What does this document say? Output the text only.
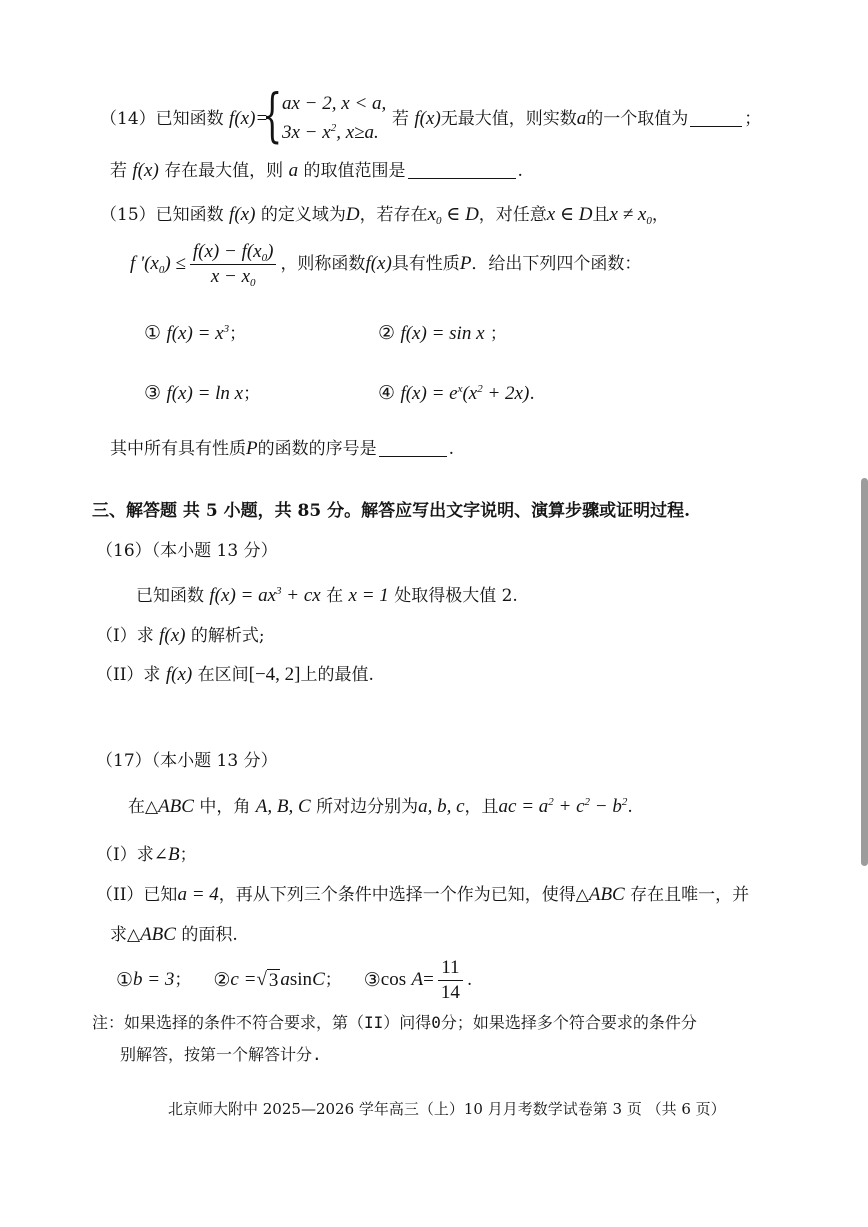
（14）已知函数 f(x)=
{ ax − 2, x < a,
$3x - x^2$, x≥a.
若 f(x)无最大值，则实数a的一个取值为	；
若 f(x) 存在最大值，则 a 的取值范围是	.
（15）已知函数 f(x) 的定义域为D，若存在$x_0$ ∈ D，对任意x ∈ D且$x \ne x_0$，
f '$(x_0) \le \frac{f(x) - f(x_0)}{x - x_0}$ ，则称函数 f(x) 具有性质 P ．给出下列四个函数：
① $f(x) = x^3$；	② f(x) = sin x ；
③ f(x) = ln x；	④ $f(x) = e^x(x^2 + 2x)$.
其中所有具有性质P的函数的序号是	.
三、解答题 共 5 小题，共 85 分。解答应写出文字说明、演算步骤或证明过程.
（16）（本小题 13 分）
已知函数 $f(x) = ax^3$ + cx 在 x = 1 处取得极大值 2.
（I）求 f(x) 的解析式;
（II）求 f(x) 在区间[−4, 2]上的最值.
（17）（本小题 13 分）
在△ABC 中，角 A, B, C 所对边分别为a, b, c，且ac = $a^2 + c^2 - b^2$.
（I）求∠B；
（II）已知a = 4，再从下列三个条件中选择一个作为已知，使得△ABC 存在且唯一，并
求△ABC 的面积.
① b = 3 ； ② c = √ 3 a sin C ； ③ cos
$A = \frac{11}{14}$ .
注：如果选择的条件不符合要求，第（II）问得0分；如果选择多个符合要求的条件分
别解答，按第一个解答计分.
北京师大附中 2025—2026 学年高三（上）10 月月考数学试卷第 3 页 （共 6 页）
